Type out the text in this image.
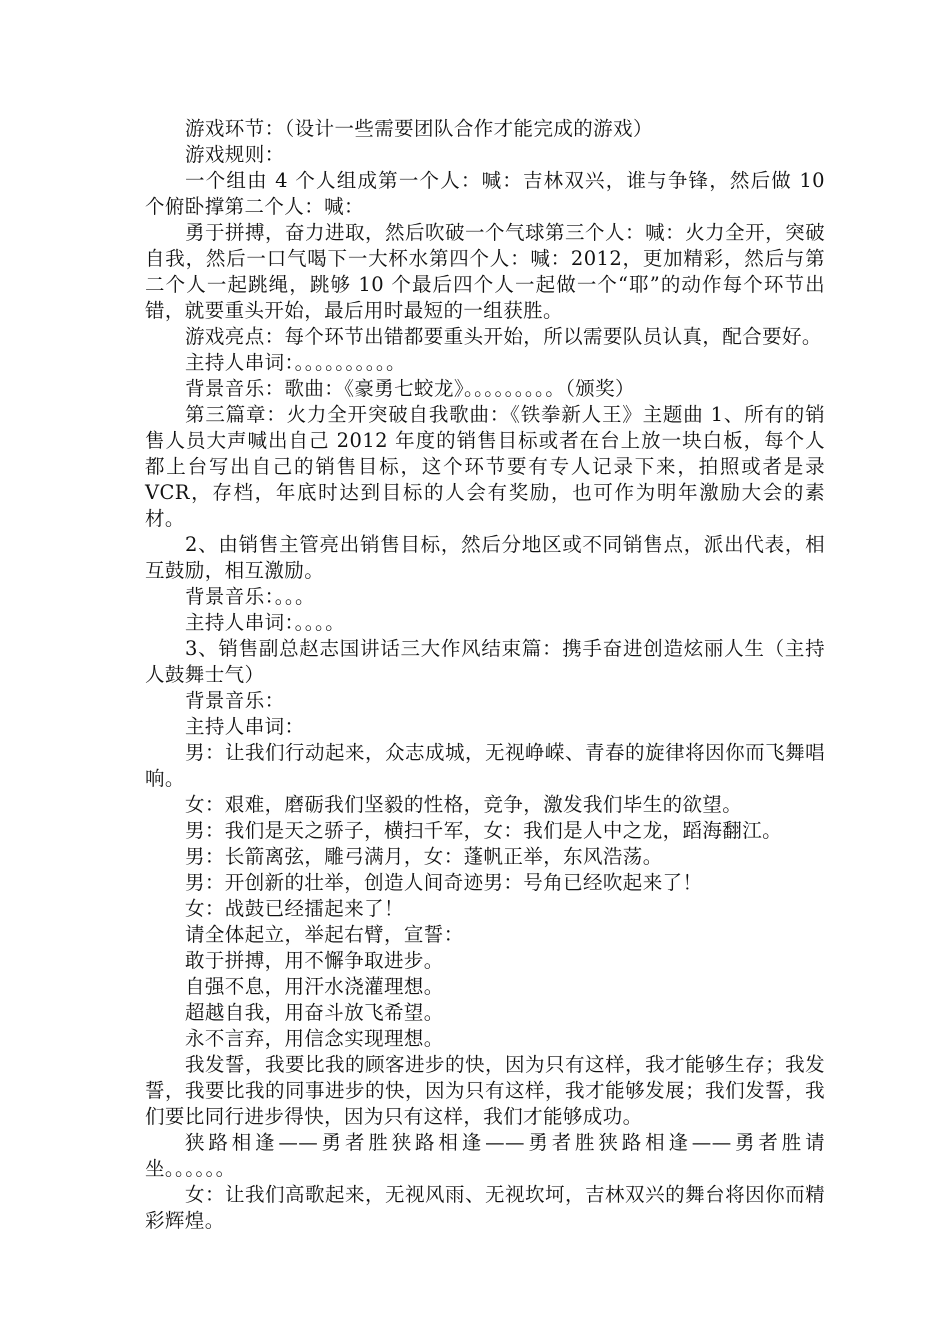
游戏环节：（设计一些需要团队合作才能完成的游戏）

游戏规则：

一个组由 4 个人组成第一个人：喊：吉林双兴，谁与争锋，然后做 10 个俯卧撑第二个人：喊：

勇于拼搏，奋力进取，然后吹破一个气球第三个人：喊：火力全开，突破自我，然后一口气喝下一大杯水第四个人：喊：2012，更加精彩，然后与第二个人一起跳绳，跳够 10 个最后四个人一起做一个“耶”的动作每个环节出错，就要重头开始，最后用时最短的一组获胜。

游戏亮点：每个环节出错都要重头开始，所以需要队员认真，配合要好。

主持人串词：。。。。。。。。。。

背景音乐：歌曲：《豪勇七蛟龙》。。。。。。。。。（颁奖）

第三篇章：火力全开突破自我歌曲：《铁拳新人王》主题曲 1、所有的销售人员大声喊出自己 2012 年度的销售目标或者在台上放一块白板，每个人都上台写出自己的销售目标，这个环节要有专人记录下来，拍照或者是录 VCR，存档，年底时达到目标的人会有奖励，也可作为明年激励大会的素材。

2、由销售主管亮出销售目标，然后分地区或不同销售点，派出代表，相互鼓励，相互激励。

背景音乐：。。。

主持人串词：。。。。

3、销售副总赵志国讲话三大作风结束篇：携手奋进创造炫丽人生（主持人鼓舞士气）

背景音乐：

主持人串词：

男：让我们行动起来，众志成城，无视峥嵘、青春的旋律将因你而飞舞唱响。

女：艰难，磨砺我们坚毅的性格，竞争，激发我们毕生的欲望。

男：我们是天之骄子，横扫千军，女：我们是人中之龙，蹈海翻江。

男：长箭离弦，雕弓满月，女：蓬帆正举，东风浩荡。

男：开创新的壮举，创造人间奇迹男：号角已经吹起来了！

女：战鼓已经擂起来了！

请全体起立，举起右臂，宣誓：

敢于拼搏，用不懈争取进步。

自强不息，用汗水浇灌理想。

超越自我，用奋斗放飞希望。

永不言弃，用信念实现理想。

我发誓，我要比我的顾客进步的快，因为只有这样，我才能够生存；我发誓，我要比我的同事进步的快，因为只有这样，我才能够发展；我们发誓，我们要比同行进步得快，因为只有这样，我们才能够成功。

狭路相逢——勇者胜狭路相逢——勇者胜狭路相逢——勇者胜请坐。。。。。。

女：让我们高歌起来，无视风雨、无视坎坷，吉林双兴的舞台将因你而精彩辉煌。
